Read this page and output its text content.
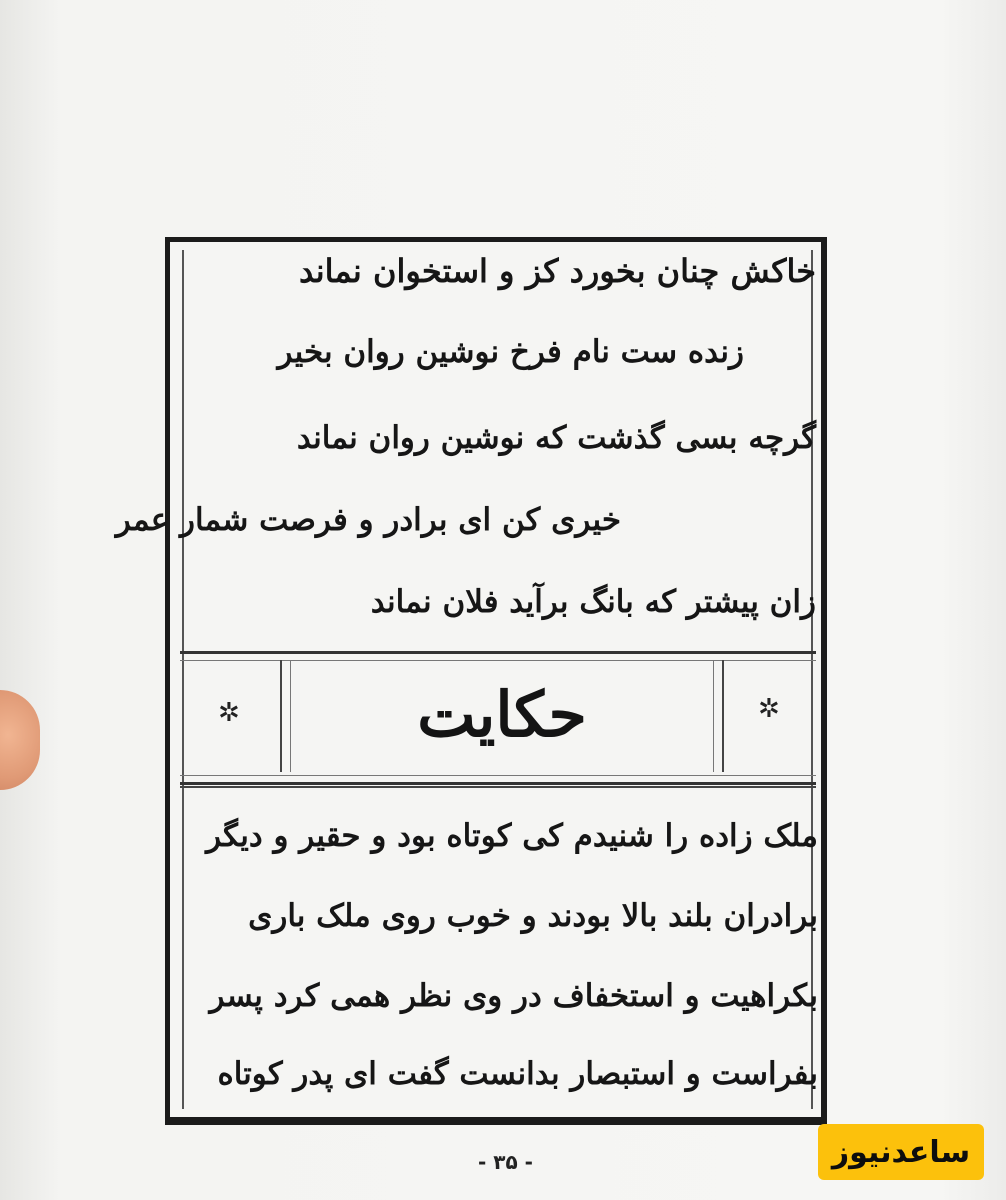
خاکش چنان بخورد کز و استخوان نماند
زنده ست نام فرخ نوشین روان بخیر
گرچه بسی گذشت که نوشین روان نماند
خیری کن ای برادر و فرصت شمار عمر
زان پیشتر که بانگ برآید فلان نماند
حکایت
✲	✲
ملک زاده را شنیدم کی کوتاه بود و حقیر و دیگر
برادران بلند بالا بودند و خوب روی ملک باری
بکراهیت و استخفاف در وی نظر همی کرد پسر
بفراست و استبصار بدانست گفت ای پدر کوتاه
- ۳۵ -	ساعدنیوز
